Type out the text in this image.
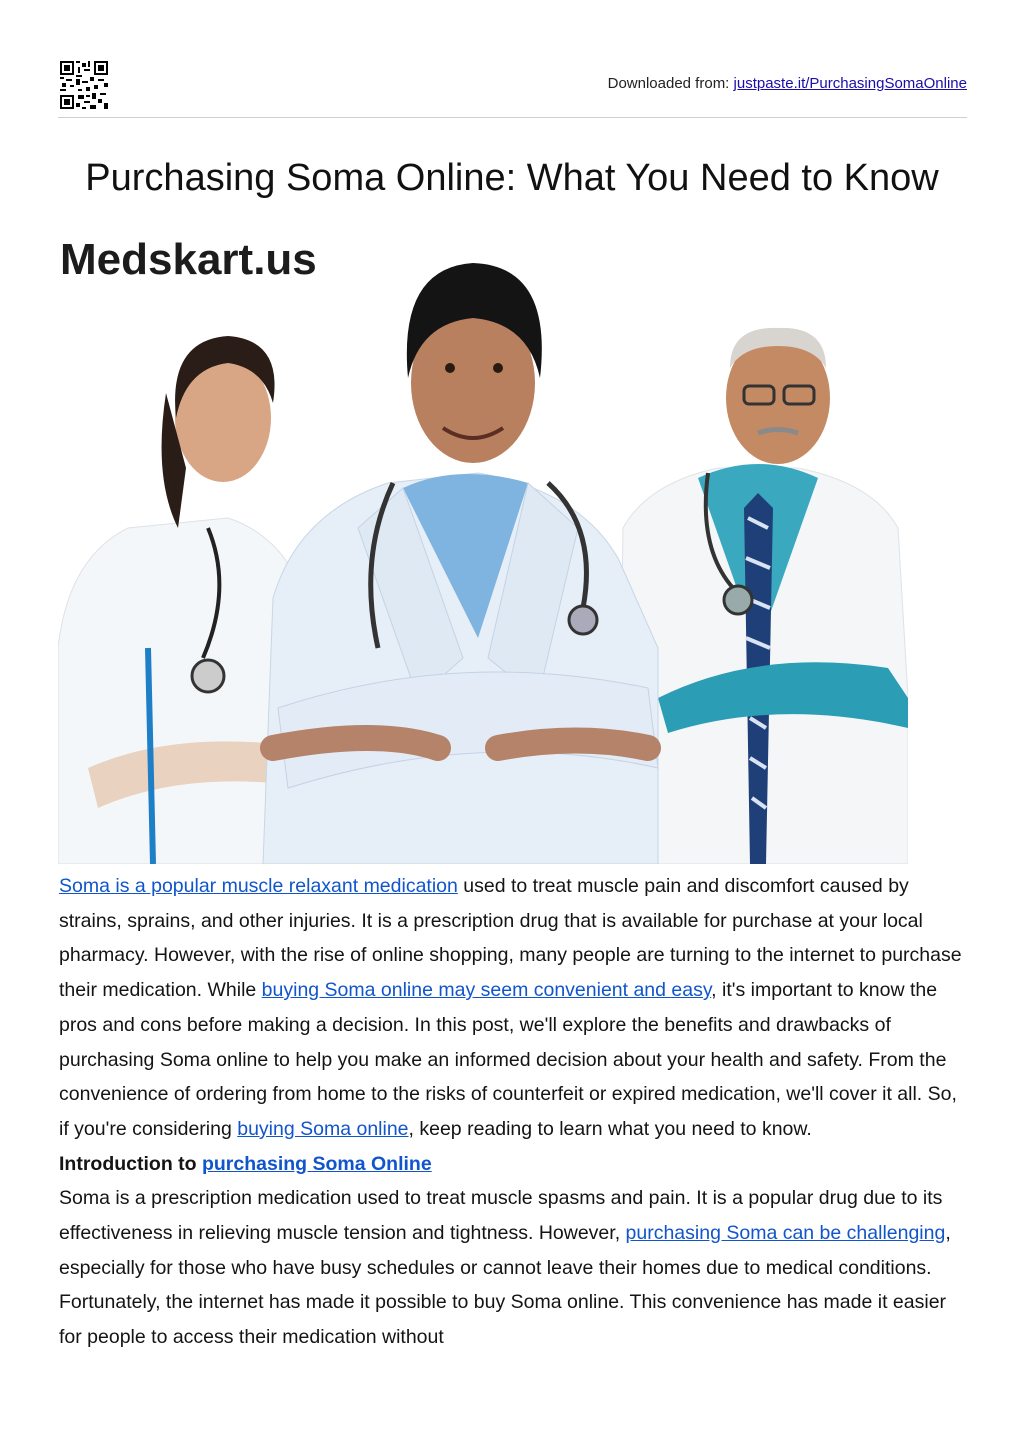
Downloaded from: justpaste.it/PurchasingSomaOnline
Purchasing Soma Online: What You Need to Know
Medskart.us

Soma is a popular muscle relaxant medication used to treat muscle pain and discomfort caused by strains, sprains, and other injuries. It is a prescription drug that is available for purchase at your local pharmacy. However, with the rise of online shopping, many people are turning to the internet to purchase their medication. While buying Soma online may seem convenient and easy, it's important to know the pros and cons before making a decision. In this post, we'll explore the benefits and drawbacks of purchasing Soma online to help you make an informed decision about your health and safety. From the convenience of ordering from home to the risks of counterfeit or expired medication, we'll cover it all. So, if you're considering buying Soma online, keep reading to learn what you need to know.

Introduction to purchasing Soma Online

Soma is a prescription medication used to treat muscle spasms and pain. It is a popular drug due to its effectiveness in relieving muscle tension and tightness. However, purchasing Soma can be challenging, especially for those who have busy schedules or cannot leave their homes due to medical conditions. Fortunately, the internet has made it possible to buy Soma online. This convenience has made it easier for people to access their medication without
